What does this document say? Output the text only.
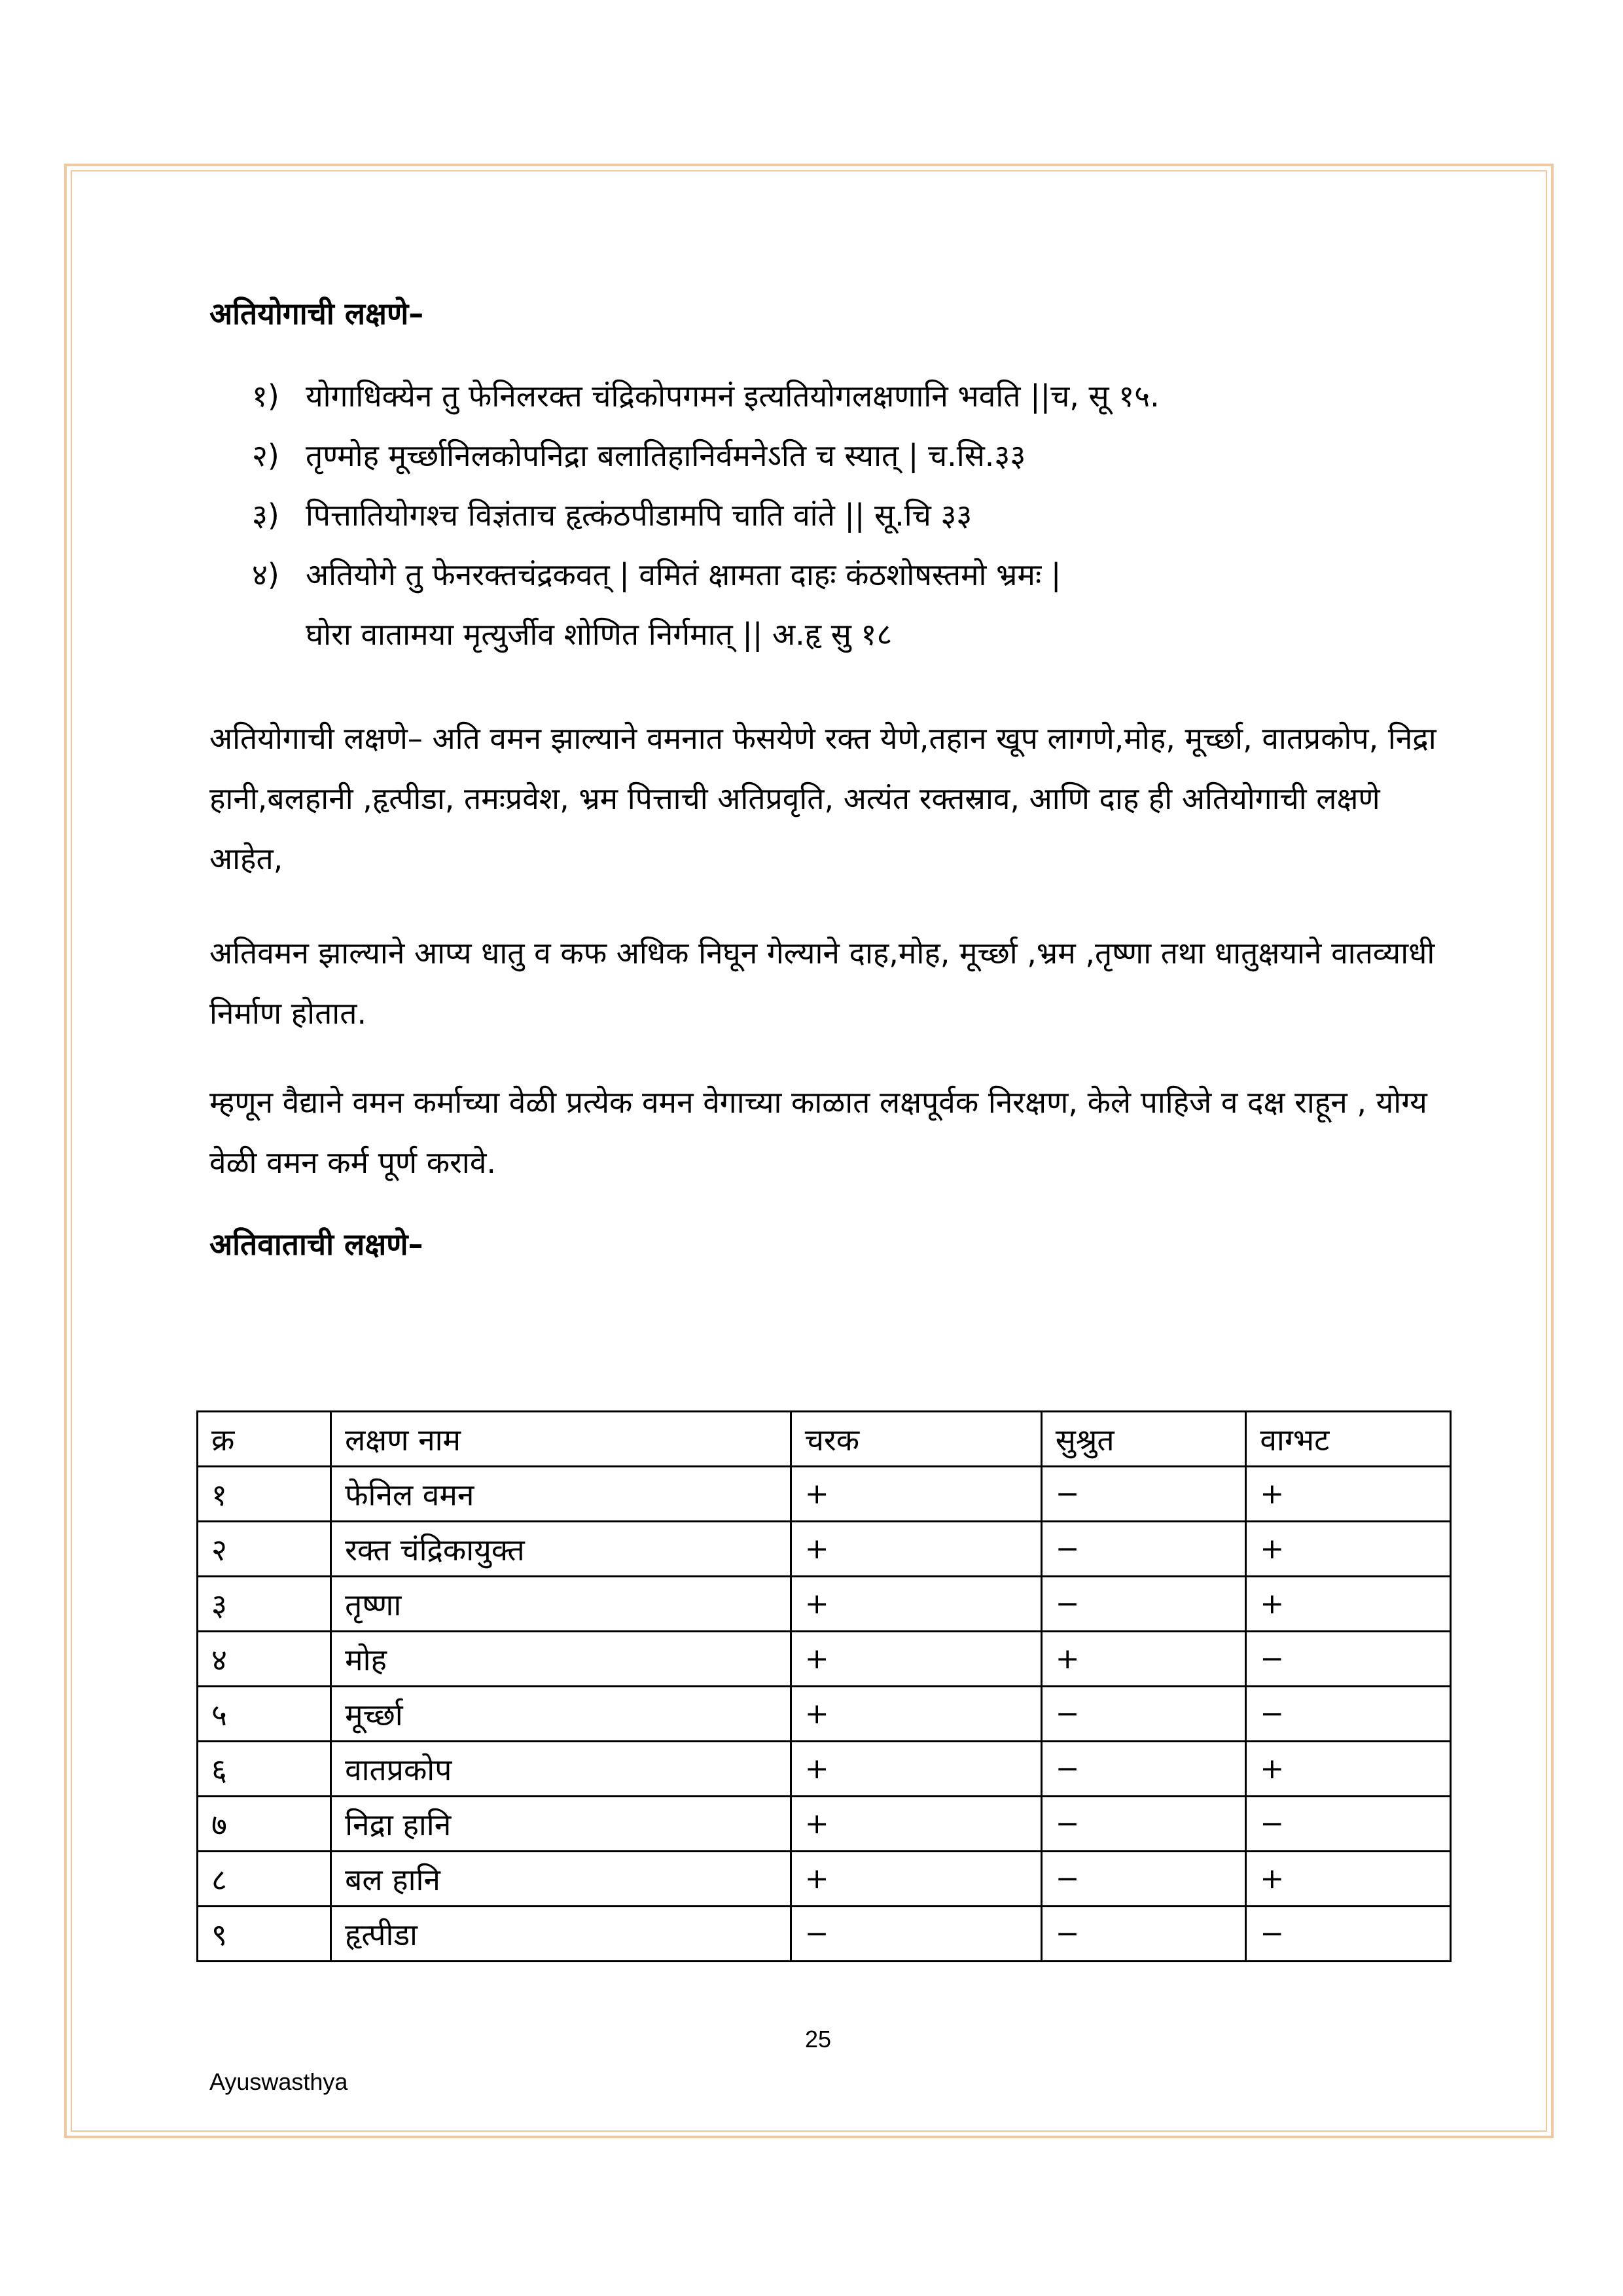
अतियोगाची लक्षणे–
१) योगाधिक्येन तु फेनिलरक्त चंद्रिकोपगमनं इत्यतियोगलक्षणानि भवति ||च, सू १५.
२) तृण्मोह मूर्च्छानिलकोपनिद्रा बलातिहानिर्वमनेऽति च स्यात् | च.सि.३३
३) पित्तातियोगश्च विज्ञंताच हृत्कंठपीडामपि चाति वांते || सू.चि ३३
४) अतियोगे तु फेनरक्तचंद्रकवत् | वमितं क्षामता दाहः कंठशोषस्तमो भ्रमः |
घोरा वातामया मृत्युर्जीव शोणित निर्गमात् || अ.हृ सु १८

अतियोगाची लक्षणे– अति वमन झाल्याने वमनात फेसयेणे रक्त येणे,तहान खूप लागणे,मोह, मूर्च्छा, वातप्रकोप, निद्रा हानी,बलहानी ,हृत्पीडा, तमःप्रवेश, भ्रम पित्ताची अतिप्रवृति, अत्यंत रक्तस्राव, आणि दाह ही अतियोगाची लक्षणे आहेत,

अतिवमन झाल्याने आप्य धातु व कफ अधिक निघून गेल्याने दाह,मोह, मूर्च्छा ,भ्रम ,तृष्णा तथा धातुक्षयाने वातव्याधी निर्माण होतात.

म्हणून वैद्याने वमन कर्माच्या वेळी प्रत्येक वमन वेगाच्या काळात लक्षपूर्वक निरक्षण, केले पाहिजे व दक्ष राहून , योग्य वेळी वमन कर्म पूर्ण करावे.

अतिवाताची लक्षणे–
क्र	लक्षण नाम	चरक	सुश्रुत	वाग्भट
१	फेनिल वमन	+	−	+
२	रक्त चंद्रिकायुक्त	+	−	+
३	तृष्णा	+	−	+
४	मोह	+	+	−
५	मूर्च्छा	+	−	−
६	वातप्रकोप	+	−	+
७	निद्रा हानि	+	−	−
८	बल हानि	+	−	+
९	हृत्पीडा	−	−	−
25
Ayuswasthya
